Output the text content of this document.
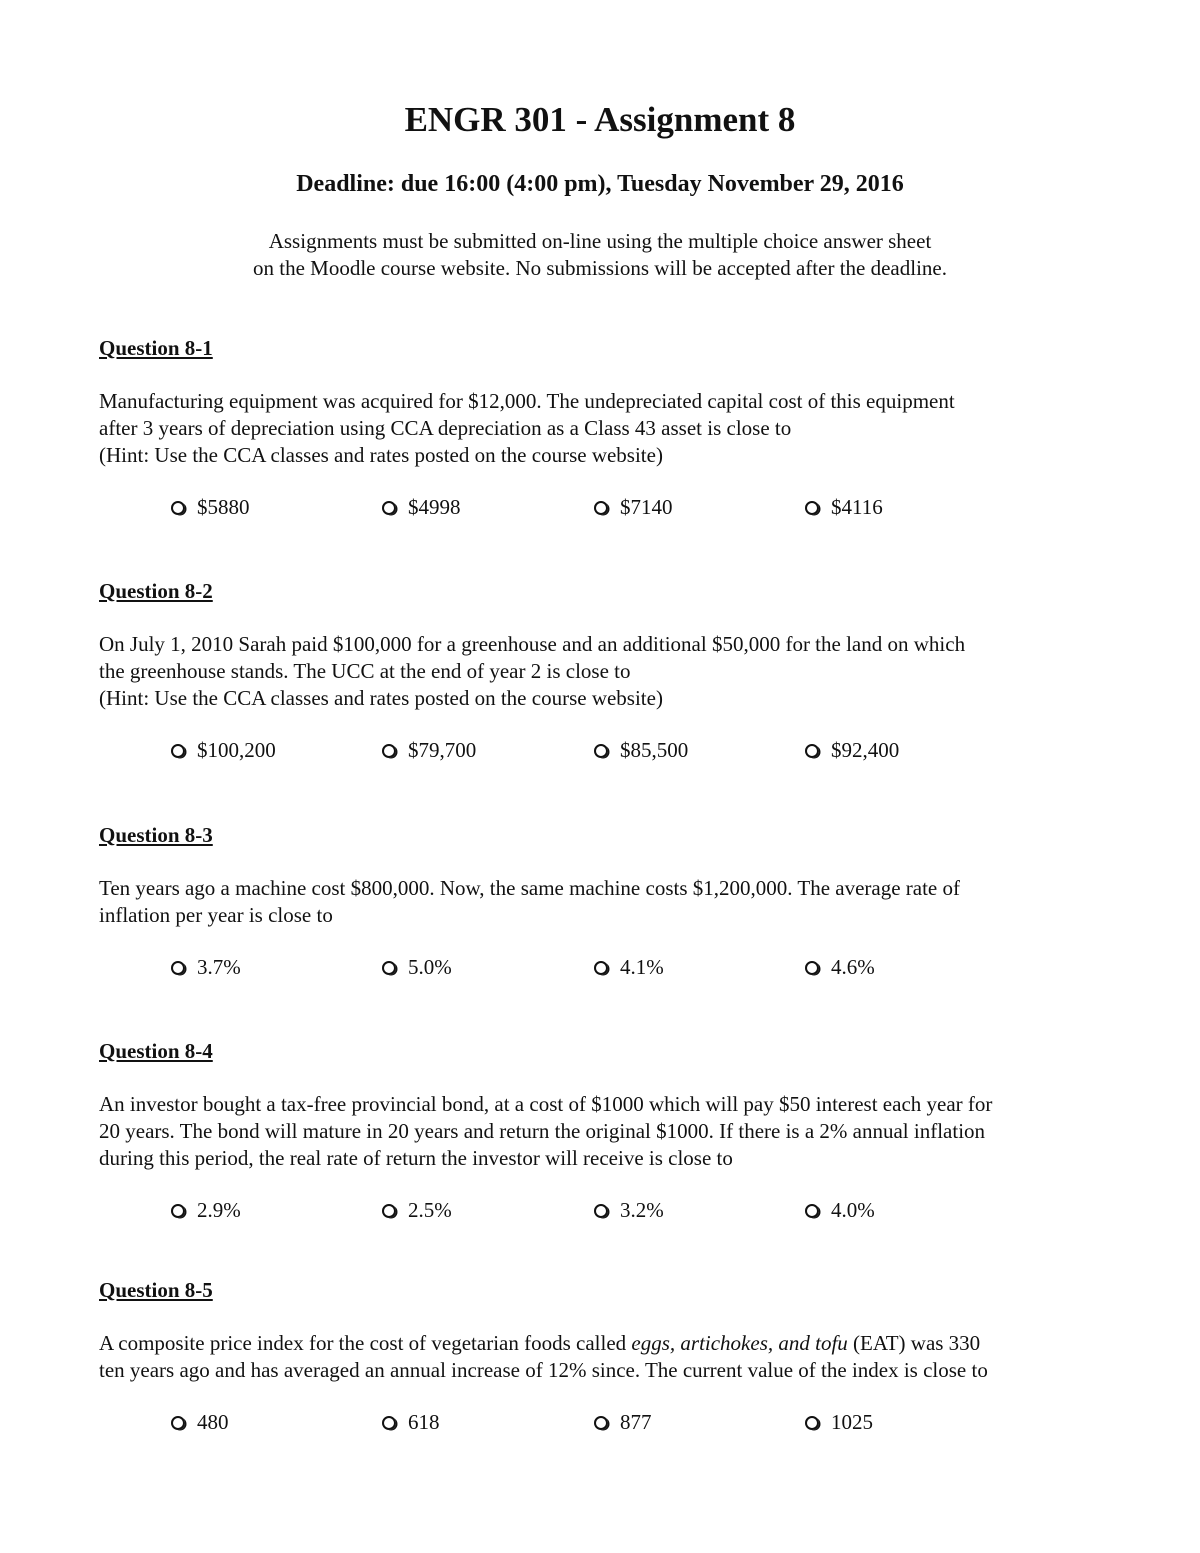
ENGR 301 - Assignment 8
Deadline: due 16:00 (4:00 pm), Tuesday November 29, 2016
Assignments must be submitted on-line using the multiple choice answer sheet
on the Moodle course website. No submissions will be accepted after the deadline.
Question 8-1
Manufacturing equipment was acquired for $12,000. The undepreciated capital cost of this equipment
after 3 years of depreciation using CCA depreciation as a Class 43 asset is close to
(Hint: Use the CCA classes and rates posted on the course website)
$5880	$4998	$7140	$4116
Question 8-2
On July 1, 2010 Sarah paid $100,000 for a greenhouse and an additional $50,000 for the land on which
the greenhouse stands. The UCC at the end of year 2 is close to
(Hint: Use the CCA classes and rates posted on the course website)
$100,200	$79,700	$85,500	$92,400
Question 8-3
Ten years ago a machine cost $800,000. Now, the same machine costs $1,200,000. The average rate of
inflation per year is close to
3.7%	5.0%	4.1%	4.6%
Question 8-4
An investor bought a tax-free provincial bond, at a cost of $1000 which will pay $50 interest each year for
20 years. The bond will mature in 20 years and return the original $1000. If there is a 2% annual inflation
during this period, the real rate of return the investor will receive is close to
2.9%	2.5%	3.2%	4.0%
Question 8-5
A composite price index for the cost of vegetarian foods called eggs, artichokes, and tofu (EAT) was 330
ten years ago and has averaged an annual increase of 12% since. The current value of the index is close to
480	618	877	1025
